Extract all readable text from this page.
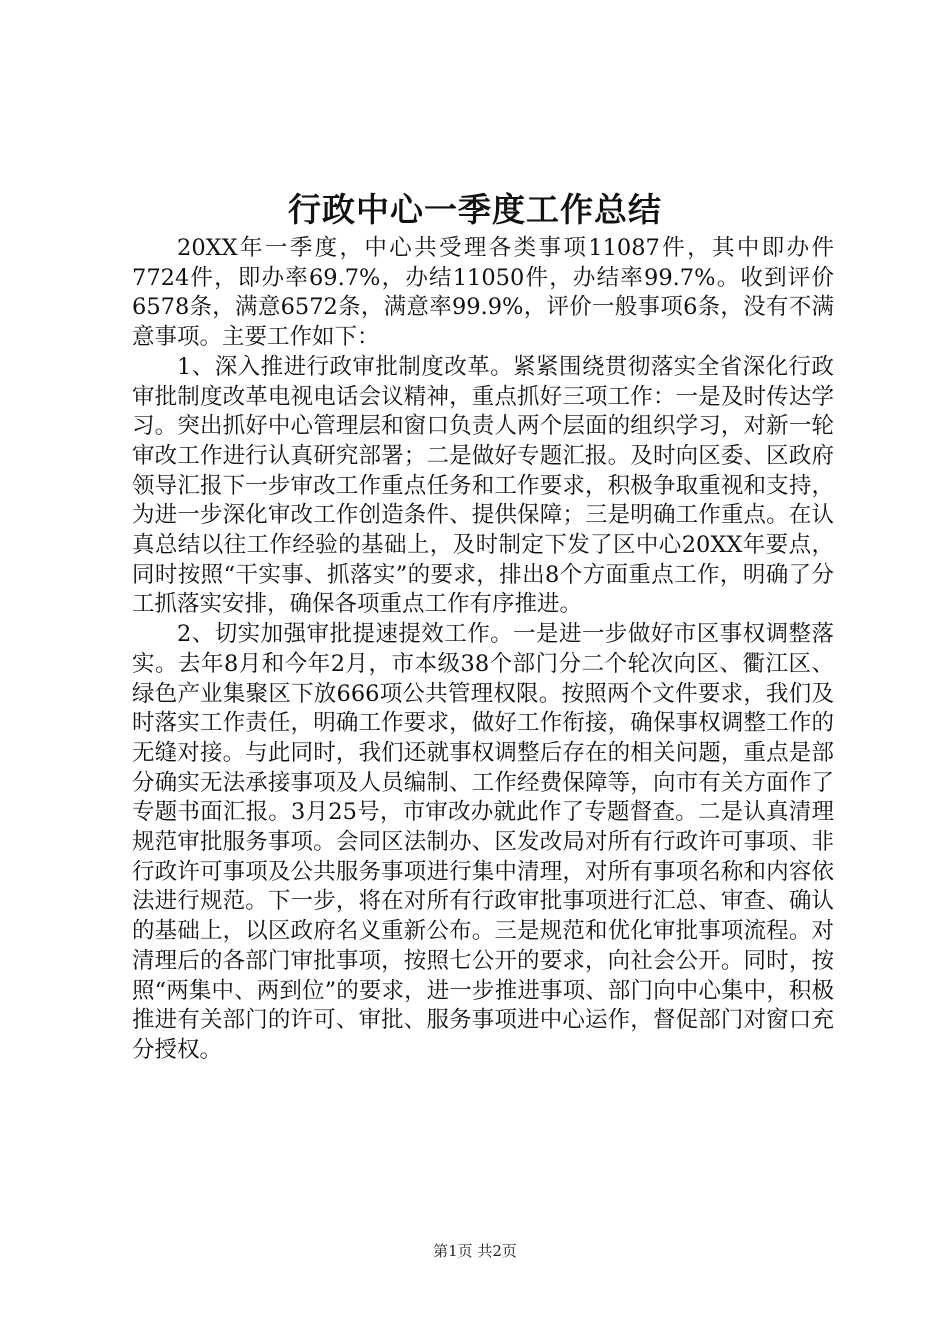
行政中心一季度工作总结

20XX年一季度，中心共受理各类事项11087件，其中即办件7724件，即办率69.7%，办结11050件，办结率99.7%。收到评价6578条，满意6572条，满意率99.9%，评价一般事项6条，没有不满意事项。主要工作如下：

1、深入推进行政审批制度改革。紧紧围绕贯彻落实全省深化行政审批制度改革电视电话会议精神，重点抓好三项工作：一是及时传达学习。突出抓好中心管理层和窗口负责人两个层面的组织学习，对新一轮审改工作进行认真研究部署；二是做好专题汇报。及时向区委、区政府领导汇报下一步审改工作重点任务和工作要求，积极争取重视和支持，为进一步深化审改工作创造条件、提供保障；三是明确工作重点。在认真总结以往工作经验的基础上，及时制定下发了区中心20XX年要点，同时按照“干实事、抓落实”的要求，排出8个方面重点工作，明确了分工抓落实安排，确保各项重点工作有序推进。

2、切实加强审批提速提效工作。一是进一步做好市区事权调整落实。去年8月和今年2月，市本级38个部门分二个轮次向区、衢江区、绿色产业集聚区下放666项公共管理权限。按照两个文件要求，我们及时落实工作责任，明确工作要求，做好工作衔接，确保事权调整工作的无缝对接。与此同时，我们还就事权调整后存在的相关问题，重点是部分确实无法承接事项及人员编制、工作经费保障等，向市有关方面作了专题书面汇报。3月25号，市审改办就此作了专题督查。二是认真清理规范审批服务事项。会同区法制办、区发改局对所有行政许可事项、非行政许可事项及公共服务事项进行集中清理，对所有事项名称和内容依法进行规范。下一步，将在对所有行政审批事项进行汇总、审查、确认的基础上，以区政府名义重新公布。三是规范和优化审批事项流程。对清理后的各部门审批事项，按照七公开的要求，向社会公开。同时，按照“两集中、两到位”的要求，进一步推进事项、部门向中心集中，积极推进有关部门的许可、审批、服务事项进中心运作，督促部门对窗口充分授权。

第1页 共2页
